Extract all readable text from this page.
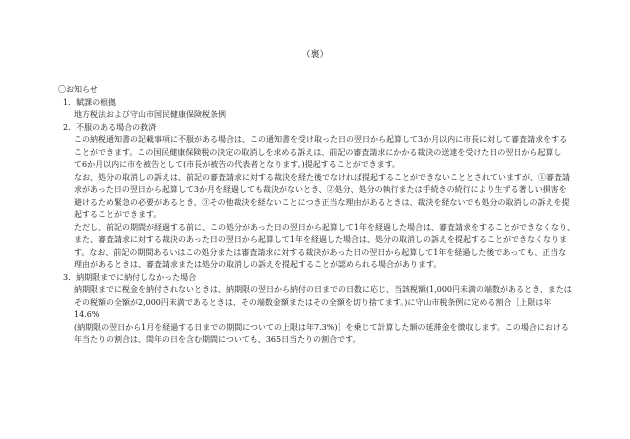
（裏）

〇お知らせ

1．賦課の根拠

地方税法および守山市国民健康保険税条例

2．不服のある場合の救済

この納税通知書の記載事項に不服がある場合は、この通知書を受け取った日の翌日から起算して3か月以内に市長に対して審査請求をする

ことができます。この国民健康保険税の決定の取消しを求める訴えは、前記の審査請求にかかる裁決の送達を受けた日の翌日から起算し

て6か月以内に市を被告として(市長が被告の代表者となります。)提起することができます。

なお、処分の取消しの訴えは、前記の審査請求に対する裁決を経た後でなければ提起することができないこととされていますが、①審査請

求があった日の翌日から起算して3か月を経過しても裁決がないとき、②処分、処分の執行または手続きの続行により生ずる著しい損害を

避けるため緊急の必要があるとき、③その他裁決を経ないことにつき正当な理由があるときは、裁決を経ないでも処分の取消しの訴えを提

起することができます。

ただし、前記の期間が経過する前に、この処分があった日の翌日から起算して1年を経過した場合は、審査請求をすることができなくなり、

また、審査請求に対する裁決のあった日の翌日から起算して1年を経過した場合は、処分の取消しの訴えを提起することができなくなりま

す。なお、前記の期間あるいはこの処分または審査請求に対する裁決があった日の翌日から起算して1年を経過した後であっても、正当な

理由があるときは、審査請求または処分の取消しの訴えを提起することが認められる場合があります。

3．納期限までに納付しなかった場合

納期限までに税金を納付されないときは、納期限の翌日から納付の日までの日数に応じ、当該税額(1,000円未満の端数があるとき、または

その税額の全額が2,000円未満であるときは、その端数金額またはその全額を切り捨てます。)に守山市税条例に定める割合［上限は年14.6%

(納期限の翌日から1月を経過する日までの期間についての上限は年7.3%)］を乗じて計算した額の延滞金を徴収します。この場合における

年当たりの割合は、閏年の日を含む期間についても、365日当たりの割合です。
